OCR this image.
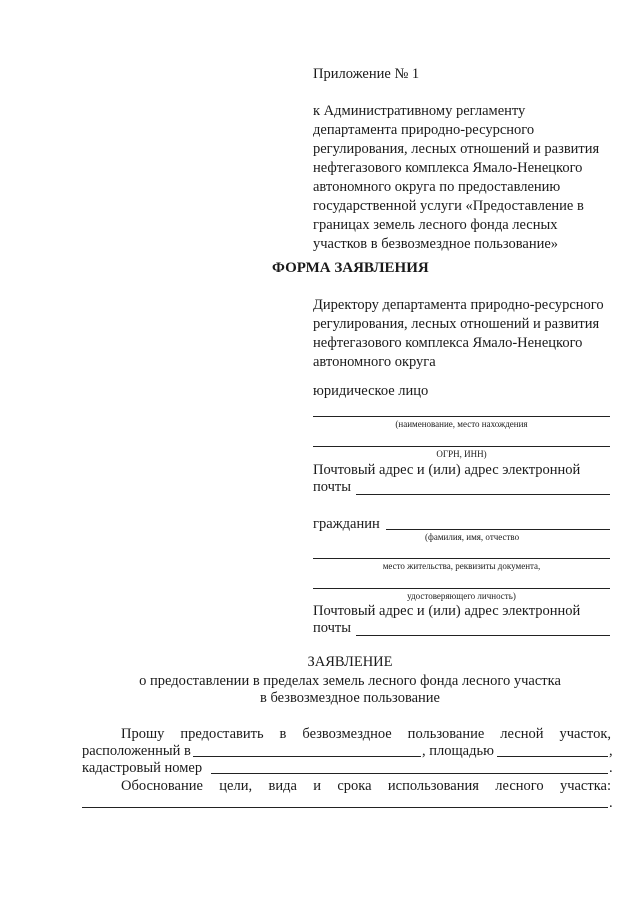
Приложение № 1
к Административному регламенту
департамента природно-ресурсного
регулирования, лесных отношений и развития
нефтегазового комплекса Ямало-Ненецкого
автономного округа по предоставлению
государственной услуги «Предоставление в
границах земель лесного фонда лесных
участков в безвозмездное пользование»
ФОРМА ЗАЯВЛЕНИЯ
Директору департамента природно-ресурсного
регулирования, лесных отношений и развития
нефтегазового комплекса Ямало-Ненецкого
автономного округа
юридическое лицо
(наименование, место нахождения
ОГРН, ИНН)
Почтовый адрес и (или) адрес электронной
почты
гражданин
(фамилия, имя, отчество
место жительства, реквизиты документа,
удостоверяющего личность)
Почтовый адрес и (или) адрес электронной
почты
ЗАЯВЛЕНИЕ
о предоставлении в пределах земель лесного фонда лесного участка
в безвозмездное пользование
Прошу предоставить в безвозмездное пользование лесной участок,
расположенный в	, площадью	,
кадастровый номер	.
Обоснование цели, вида и срока использования лесного участка:
.
